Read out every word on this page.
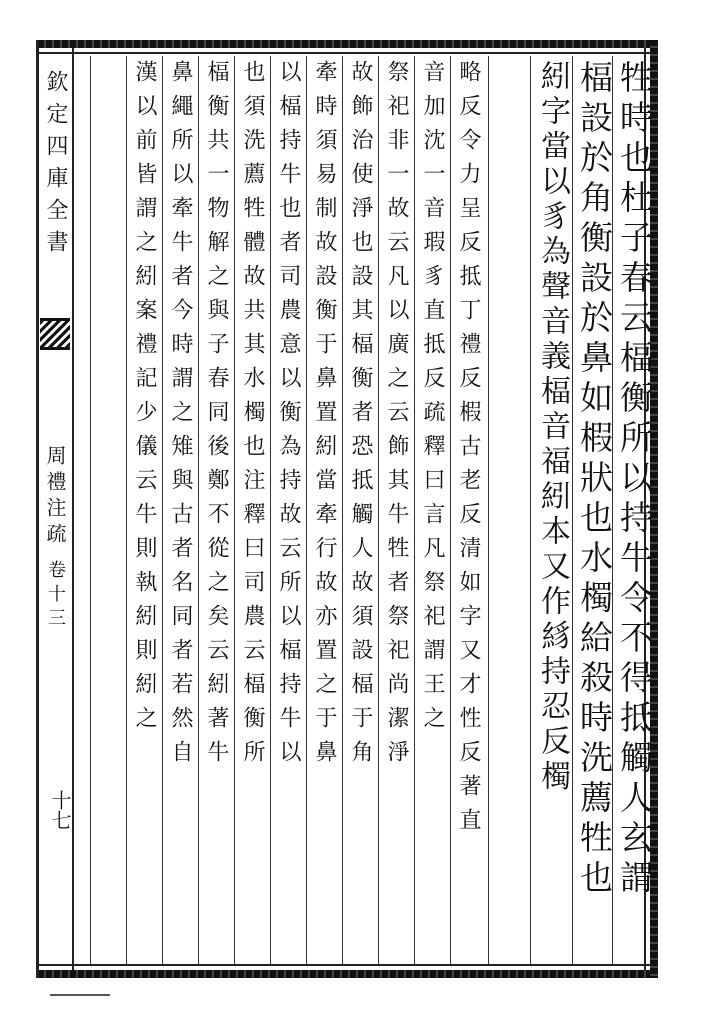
牲時也杜子春云楅衡所以持牛令不得抵觸人玄謂
楅設於角衡設於鼻如椵狀也水㯮給殺時洗薦牲也
紖字當以豸為聲音義楅音福紖本又作絼持忍反㯮
略反令力呈反抵丁禮反椵古老反清如字又才性反著直
音加沈一音瑕豸直抵反疏釋曰言凡祭祀謂王之
祭祀非一故云凡以廣之云飾其牛牲者祭祀尚潔淨
故飾治使淨也設其楅衡者恐抵觸人故須設楅于角
牽時須易制故設衡于鼻置紖當牽行故亦置之于鼻
以楅持牛也者司農意以衡為持故云所以楅持牛以
也須洗薦牲體故共其水㯮也注釋曰司農云楅衡所
楅衡共一物解之與子春同後鄭不從之矣云紖著牛
鼻繩所以牽牛者今時謂之雉與古者名同者若然自
漢以前皆謂之紖案禮記少儀云牛則執紖則紖之
欽定四庫全書
卷十三
周禮注疏
十七
